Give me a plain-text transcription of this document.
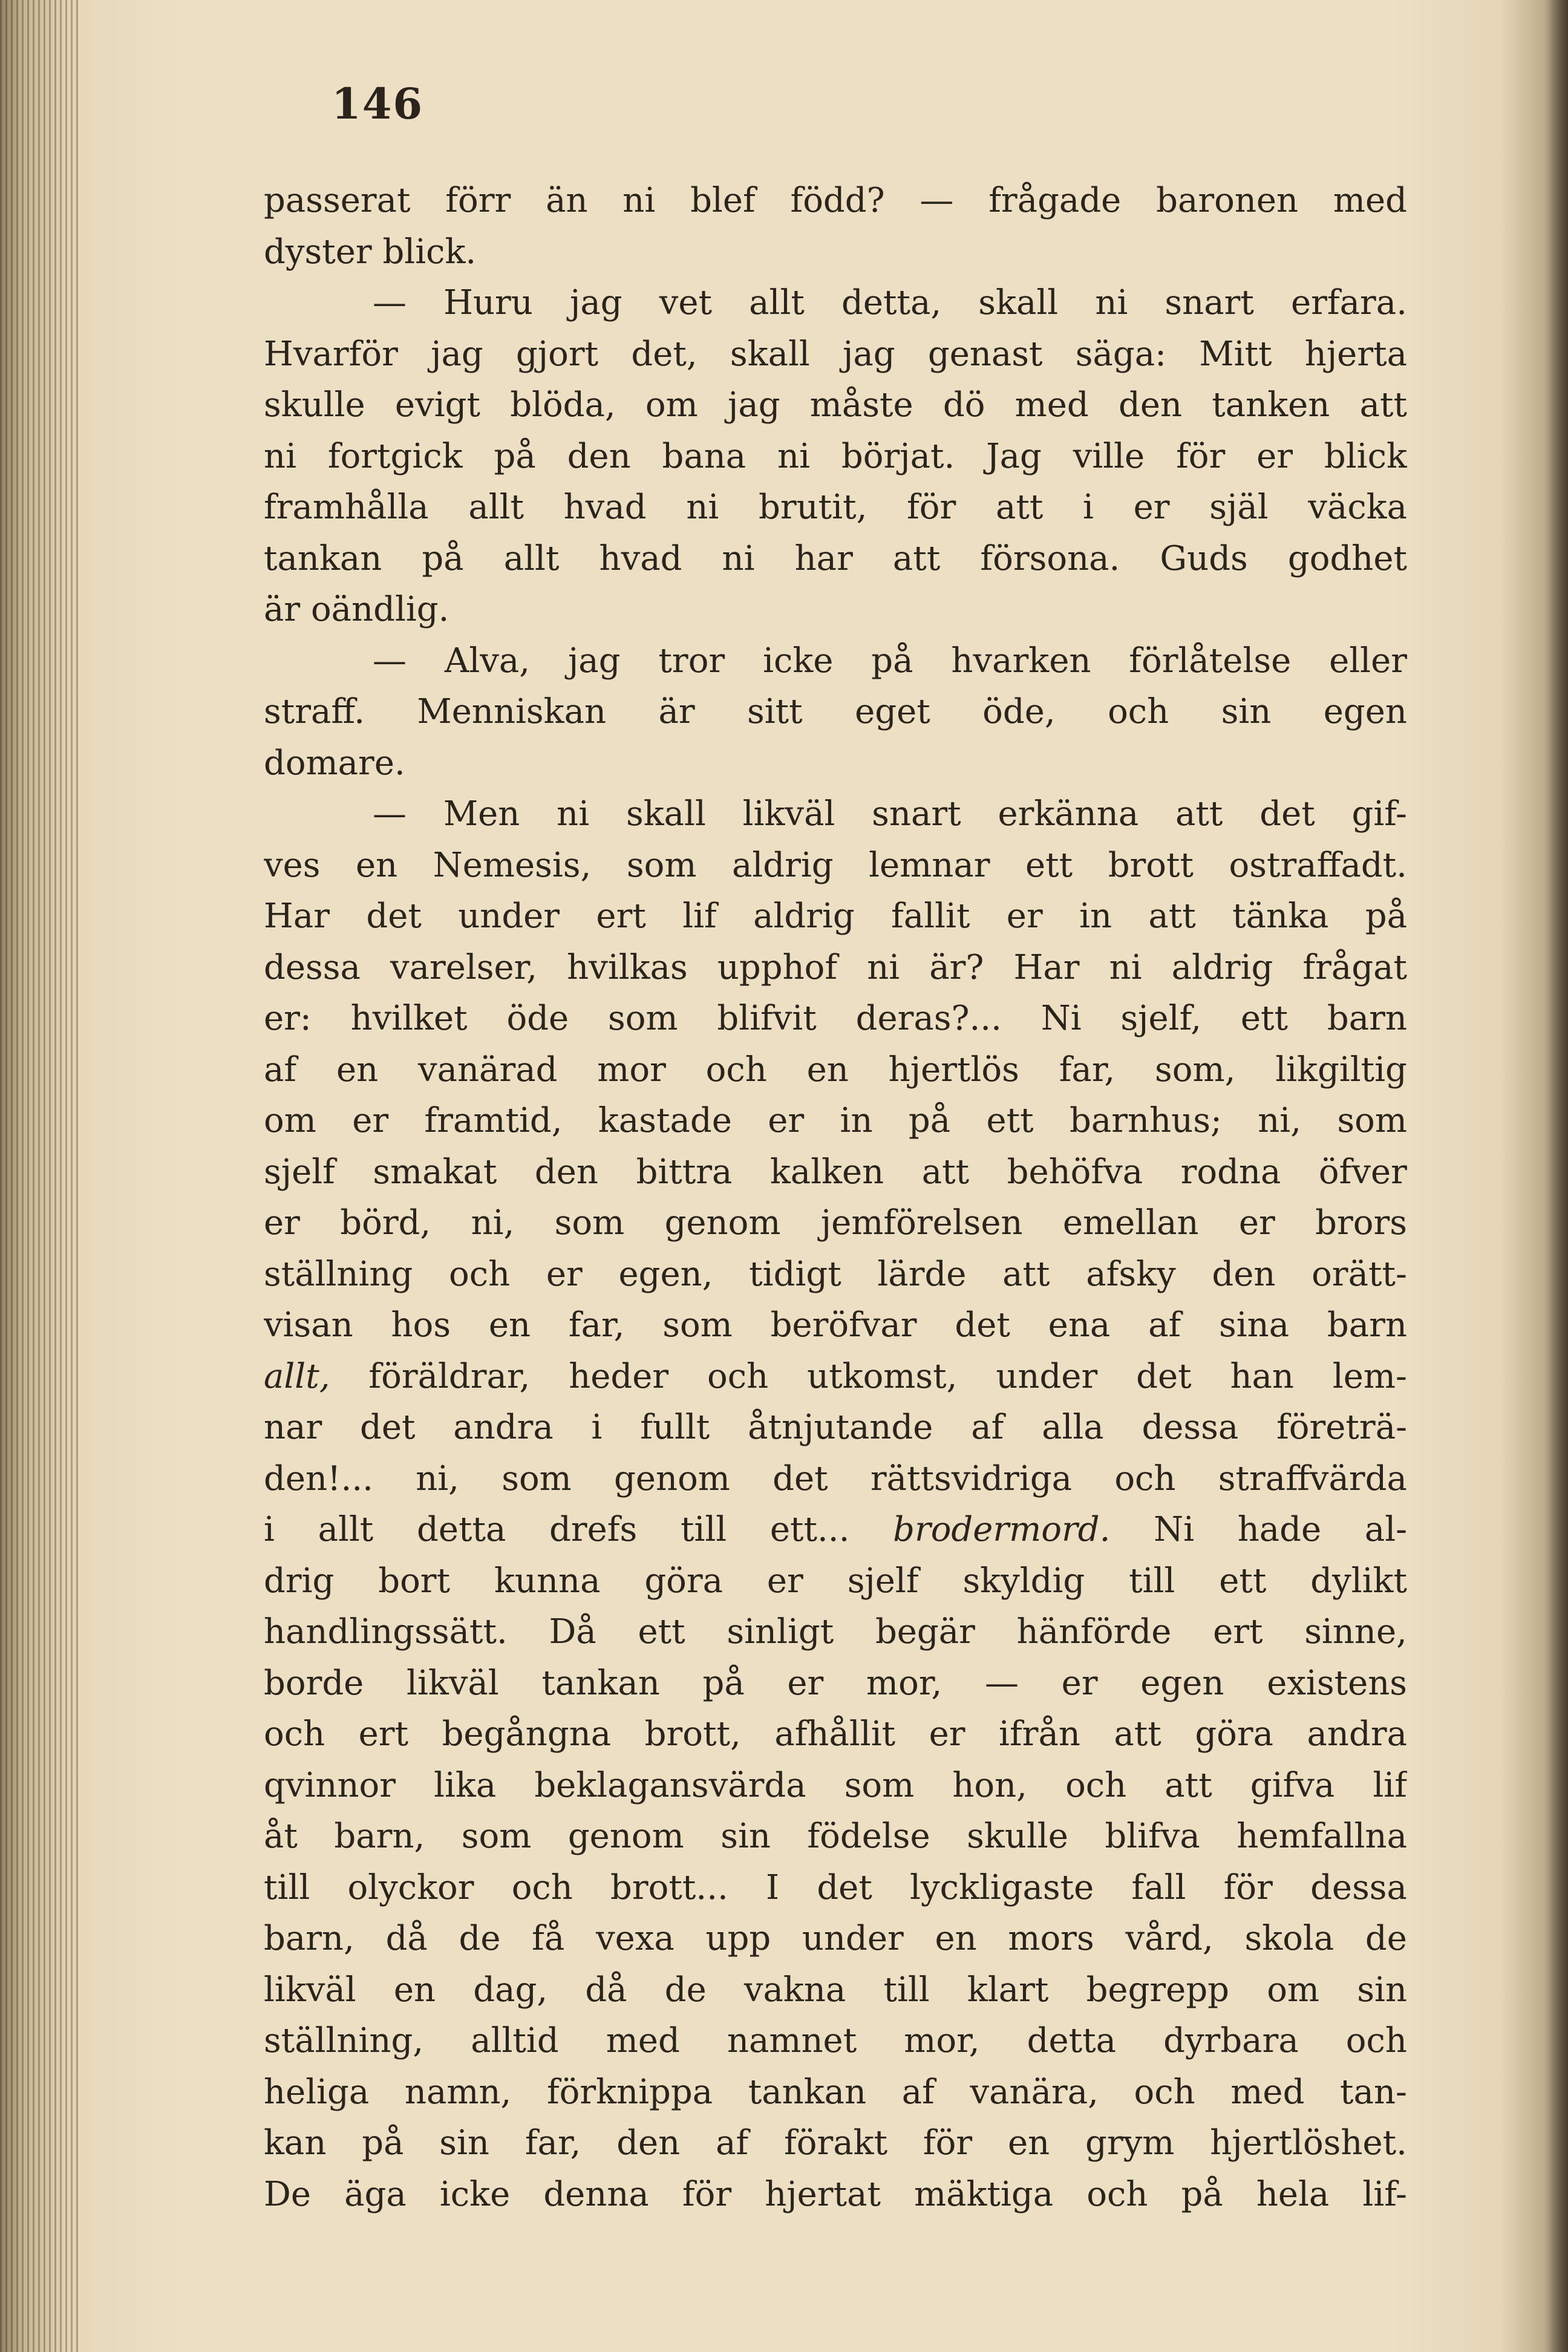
146
passerat förr än ni blef född? — frågade baronen med
dyster blick.
— Huru jag vet allt detta, skall ni snart erfara.
Hvarför jag gjort det, skall jag genast säga: Mitt hjerta
skulle evigt blöda, om jag måste dö med den tanken att
ni fortgick på den bana ni börjat. Jag ville för er blick
framhålla allt hvad ni brutit, för att i er själ väcka
tankan på allt hvad ni har att försona. Guds godhet
är oändlig.
— Alva, jag tror icke på hvarken förlåtelse eller
straff. Menniskan är sitt eget öde, och sin egen
domare.
— Men ni skall likväl snart erkänna att det gif-
ves en Nemesis, som aldrig lemnar ett brott ostraffadt.
Har det under ert lif aldrig fallit er in att tänka på
dessa varelser, hvilkas upphof ni är? Har ni aldrig frågat
er: hvilket öde som blifvit deras?... Ni sjelf, ett barn
af en vanärad mor och en hjertlös far, som, likgiltig
om er framtid, kastade er in på ett barnhus; ni, som
sjelf smakat den bittra kalken att behöfva rodna öfver
er börd, ni, som genom jemförelsen emellan er brors
ställning och er egen, tidigt lärde att afsky den orätt-
visan hos en far, som beröfvar det ena af sina barn
allt, föräldrar, heder och utkomst, under det han lem-
nar det andra i fullt åtnjutande af alla dessa företrä-
den!... ni, som genom det rättsvidriga och straffvärda
i allt detta drefs till ett... brodermord. Ni hade al-
drig bort kunna göra er sjelf skyldig till ett dylikt
handlingssätt. Då ett sinligt begär hänförde ert sinne,
borde likväl tankan på er mor, — er egen existens
och ert begångna brott, afhållit er ifrån att göra andra
qvinnor lika beklagansvärda som hon, och att gifva lif
åt barn, som genom sin födelse skulle blifva hemfallna
till olyckor och brott... I det lyckligaste fall för dessa
barn, då de få vexa upp under en mors vård, skola de
likväl en dag, då de vakna till klart begrepp om sin
ställning, alltid med namnet mor, detta dyrbara och
heliga namn, förknippa tankan af vanära, och med tan-
kan på sin far, den af förakt för en grym hjertlöshet.
De äga icke denna för hjertat mäktiga och på hela lif-
